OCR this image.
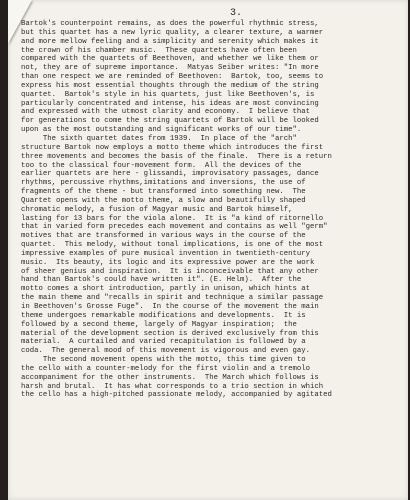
3.
Bartok's counterpoint remains, as does the powerful rhythmic stress,
but this quartet has a new lyric quality, a clearer texture, a warmer
and more mellow feeling and a simplicity and serenity which makes it
the crown of his chamber music.  These quartets have often been
compared with the quartets of Beethoven, and whether we like them or
not, they are of supreme importance.  Matyas Seiber writes: "In more
than one respect we are reminded of Beethoven:  Bartok, too, seems to
express his most essential thoughts through the medium of the string
quartet.  Bartok's style in his quartets, just like Beethoven's, is
particularly concentrated and intense, his ideas are most convincing
and expressed with the utmost clarity and economy.  I believe that
for generations to come the string quartets of Bartok will be looked
upon as the most outstanding and significant works of our time".
The sixth quartet dates from 1939.  In place of the "arch"
structure Bartok now employs a motto theme which introduces the first
three movements and becomes the basis of the finale.  There is a return
too to the classical four-movement form.  All the devices of the
earlier quartets are here - glissandi, improvisatory passages, dance
rhythms, percussive rhythms,imitations and inversions, the use of
fragments of the theme - but transformed into something new.  The
Quartet opens with the motto theme, a slow and beautifully shaped
chromatic melody, a fusion of Magyar music and Bartok himself,
lasting for 13 bars for the viola alone.  It is "a kind of ritornello
that in varied form precedes each movement and contains as well "germ"
motives that are transformed in various ways in the course of the
quartet.  This melody, without tonal implications, is one of the most
impressive examples of pure musical invention in twentieth-century
music.  Its beauty, its logic and its expressive power are the work
of sheer genius and inspiration.  It is inconceivable that any other
hand than Bartok's could have written it". (E. Helm).  After the
motto comes a short introduction, partly in unison, which hints at
the main theme and "recalls in spirit and technique a similar passage
in Beethoven's Grosse Fuge".  In the course of the movement the main
theme undergoes remarkable modifications and developments.  It is
followed by a second theme, largely of Magyar inspiration;  the
material of the development section is derived exclusively from this
material.  A curtailed and varied recapitulation is followed by a
coda.  The general mood of this movement is vigorous and even gay.
The second movement opens with the motto, this time given to
the cello with a counter-melody for the first violin and a tremolo
accompaniment for the other instruments.  The March which follows is
harsh and brutal.  It has what corresponds to a trio section in which
the cello has a high-pitched passionate melody, accompanied by agitated
